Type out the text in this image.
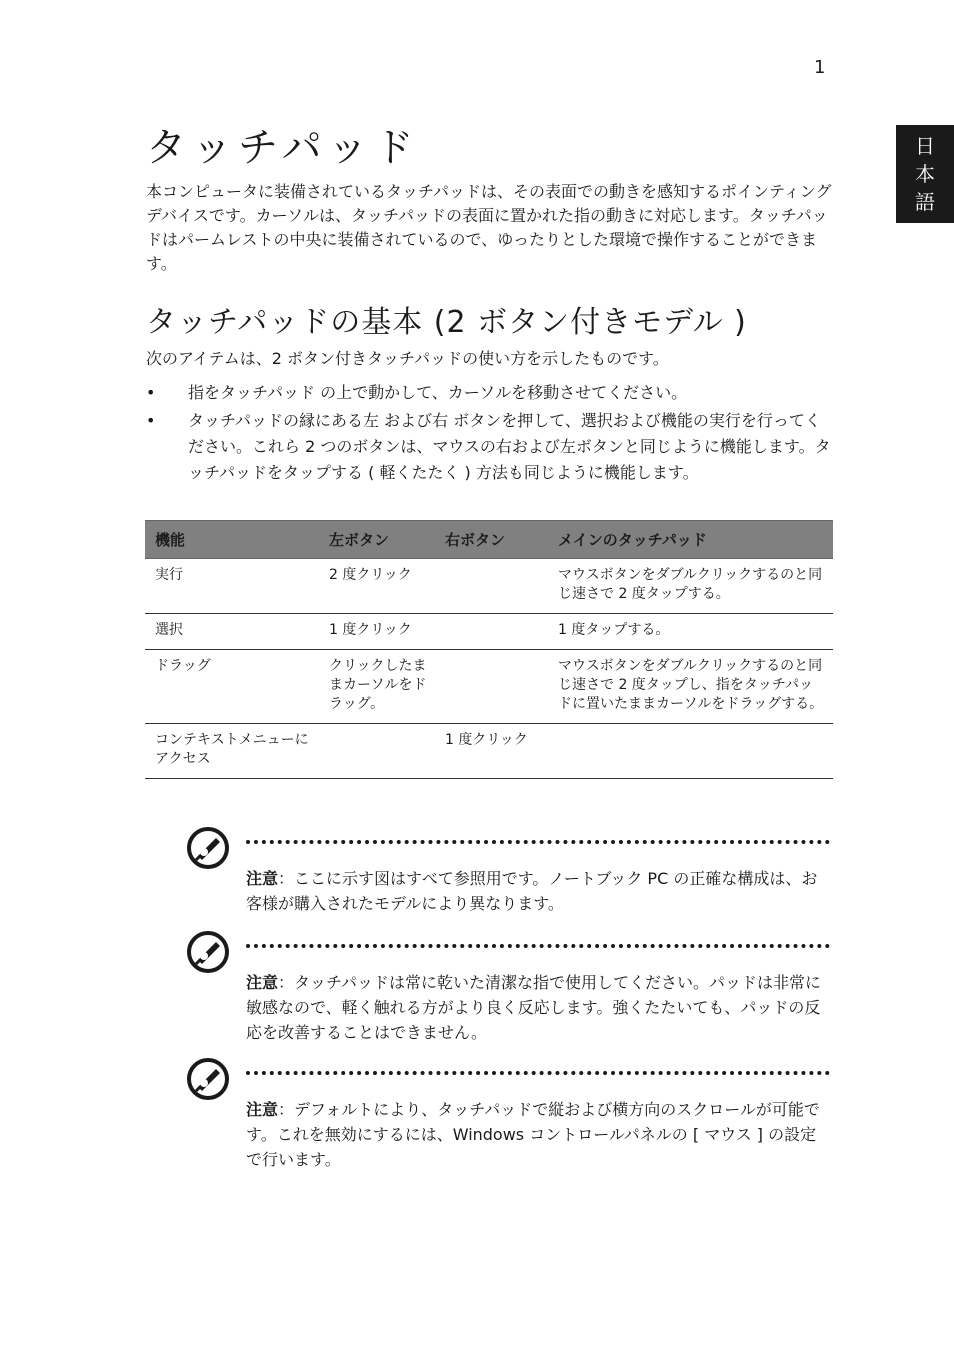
1
日
本
語
タッチパッド

本コンピュータに装備されているタッチパッドは、その表面での動きを感知するポインティングデバイスです。カーソルは、タッチパッドの表面に置かれた指の動きに対応します。タッチパッドはパームレストの中央に装備されているので、ゆったりとした環境で操作することができます。

タッチパッドの基本 (2 ボタン付きモデル )

次のアイテムは、2 ボタン付きタッチパッドの使い方を示したものです。

• 指をタッチパッド の上で動かして、カーソルを移動させてください。
• タッチパッドの縁にある左 および右 ボタンを押して、選択および機能の実行を行ってください。これら 2 つのボタンは、マウスの右および左ボタンと同じように機能します。タッチパッドをタップする ( 軽くたたく ) 方法も同じように機能します。
機能	左ボタン	右ボタン	メインのタッチパッド
実行	2 度クリック		マウスボタンをダブルクリックするのと同じ速さで 2 度タップする。
選択	1 度クリック		1 度タップする。
ドラッグ	クリックしたままカーソルをドラッグ。		マウスボタンをダブルクリックするのと同じ速さで 2 度タップし、指をタッチパッドに置いたままカーソルをドラッグする。
コンテキストメニューにアクセス		1 度クリック	
注意：ここに示す図はすべて参照用です。ノートブック PC の正確な構成は、お客様が購入されたモデルにより異なります。
注意：タッチパッドは常に乾いた清潔な指で使用してください。パッドは非常に敏感なので、軽く触れる方がより良く反応します。強くたたいても、パッドの反応を改善することはできません。
注意：デフォルトにより、タッチパッドで縦および横方向のスクロールが可能です。これを無効にするには、Windows コントロールパネルの [ マウス ] の設定で行います。
